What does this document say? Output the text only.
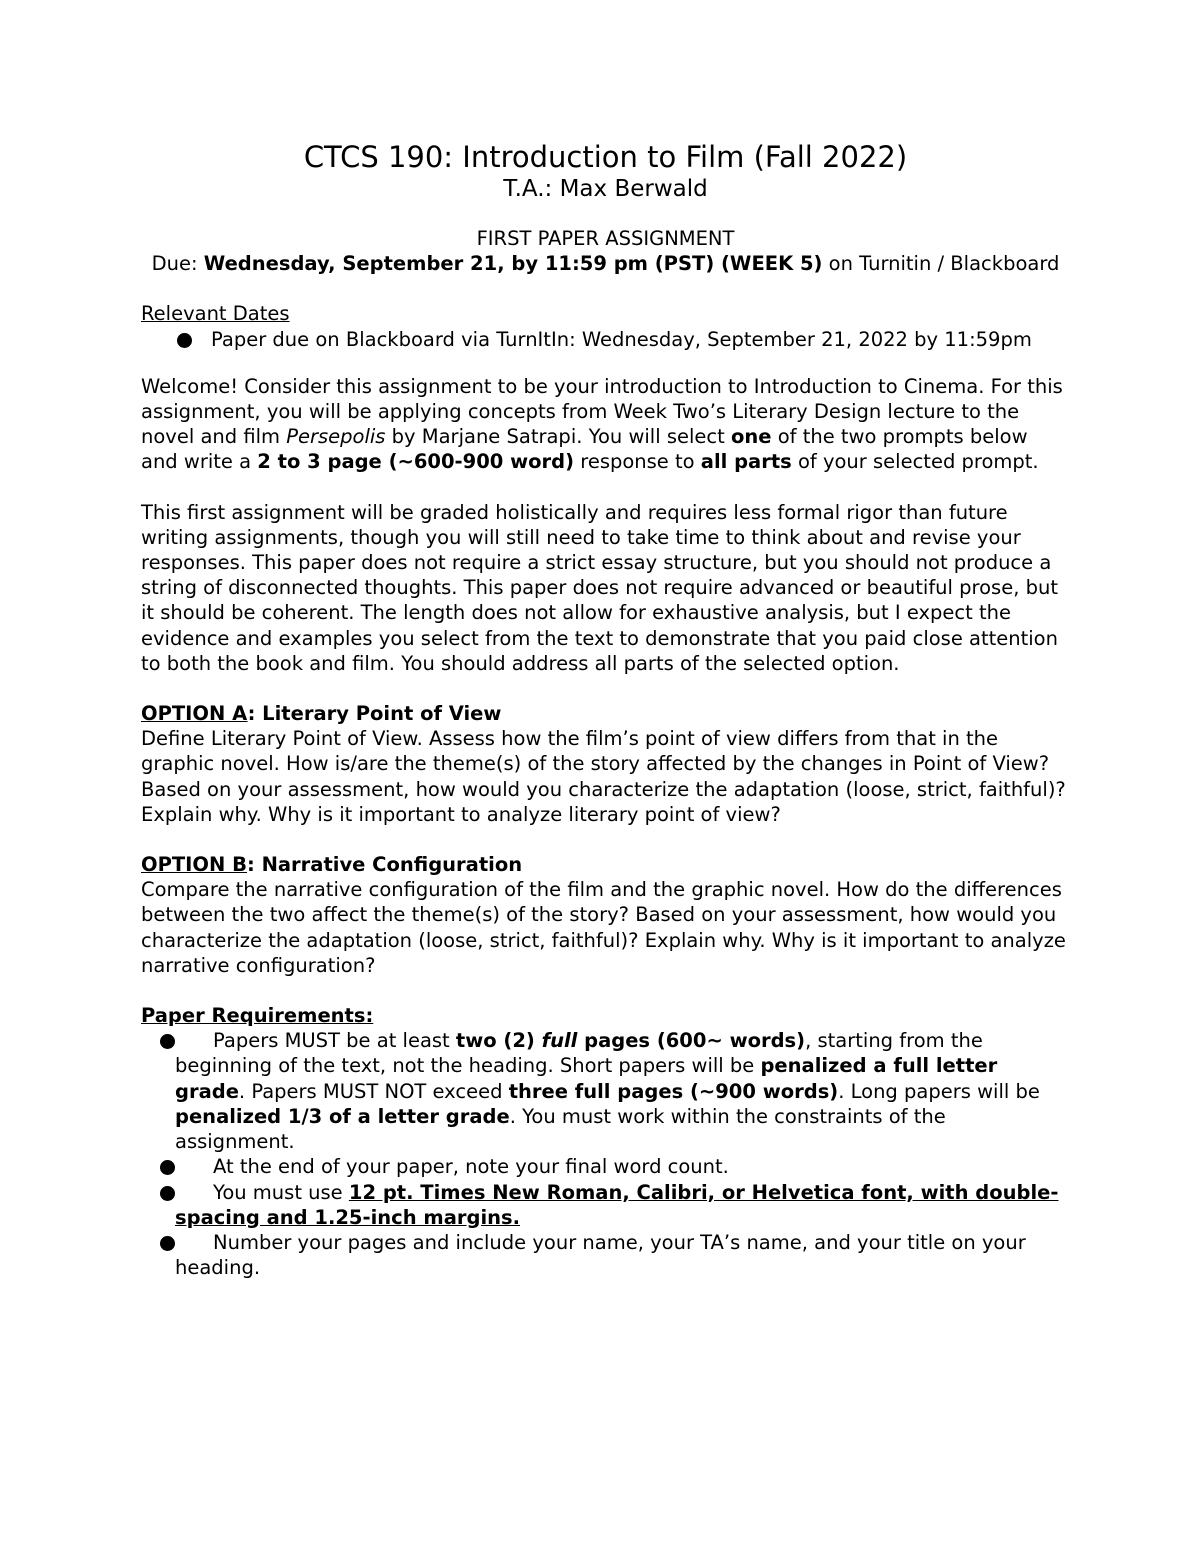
CTCS 190: Introduction to Film (Fall 2022)
T.A.: Max Berwald

FIRST PAPER ASSIGNMENT

Due: Wednesday, September 21, by 11:59 pm (PST) (WEEK 5) on Turnitin / Blackboard

Relevant Dates

Paper due on Blackboard via TurnItIn: Wednesday, September 21, 2022 by 11:59pm

Welcome! Consider this assignment to be your introduction to Introduction to Cinema. For this assignment, you will be applying concepts from Week Two’s Literary Design lecture to the novel and film Persepolis by Marjane Satrapi. You will select one of the two prompts below and write a 2 to 3 page (~600-900 word) response to all parts of your selected prompt.

This first assignment will be graded holistically and requires less formal rigor than future writing assignments, though you will still need to take time to think about and revise your responses. This paper does not require a strict essay structure, but you should not produce a string of disconnected thoughts. This paper does not require advanced or beautiful prose, but it should be coherent. The length does not allow for exhaustive analysis, but I expect the evidence and examples you select from the text to demonstrate that you paid close attention to both the book and film. You should address all parts of the selected option.

OPTION A: Literary Point of View

Define Literary Point of View. Assess how the film’s point of view differs from that in the graphic novel. How is/are the theme(s) of the story affected by the changes in Point of View? Based on your assessment, how would you characterize the adaptation (loose, strict, faithful)? Explain why. Why is it important to analyze literary point of view?

OPTION B: Narrative Configuration

Compare the narrative configuration of the film and the graphic novel. How do the differences between the two affect the theme(s) of the story? Based on your assessment, how would you characterize the adaptation (loose, strict, faithful)? Explain why. Why is it important to analyze narrative configuration?

Paper Requirements:

Papers MUST be at least two (2) full pages (600~ words), starting from the beginning of the text, not the heading. Short papers will be penalized a full letter grade. Papers MUST NOT exceed three full pages (~900 words). Long papers will be penalized 1/3 of a letter grade. You must work within the constraints of the assignment.
At the end of your paper, note your final word count.
You must use 12 pt. Times New Roman, Calibri, or Helvetica font, with double-spacing and 1.25-inch margins.
Number your pages and include your name, your TA’s name, and your title on your heading.
